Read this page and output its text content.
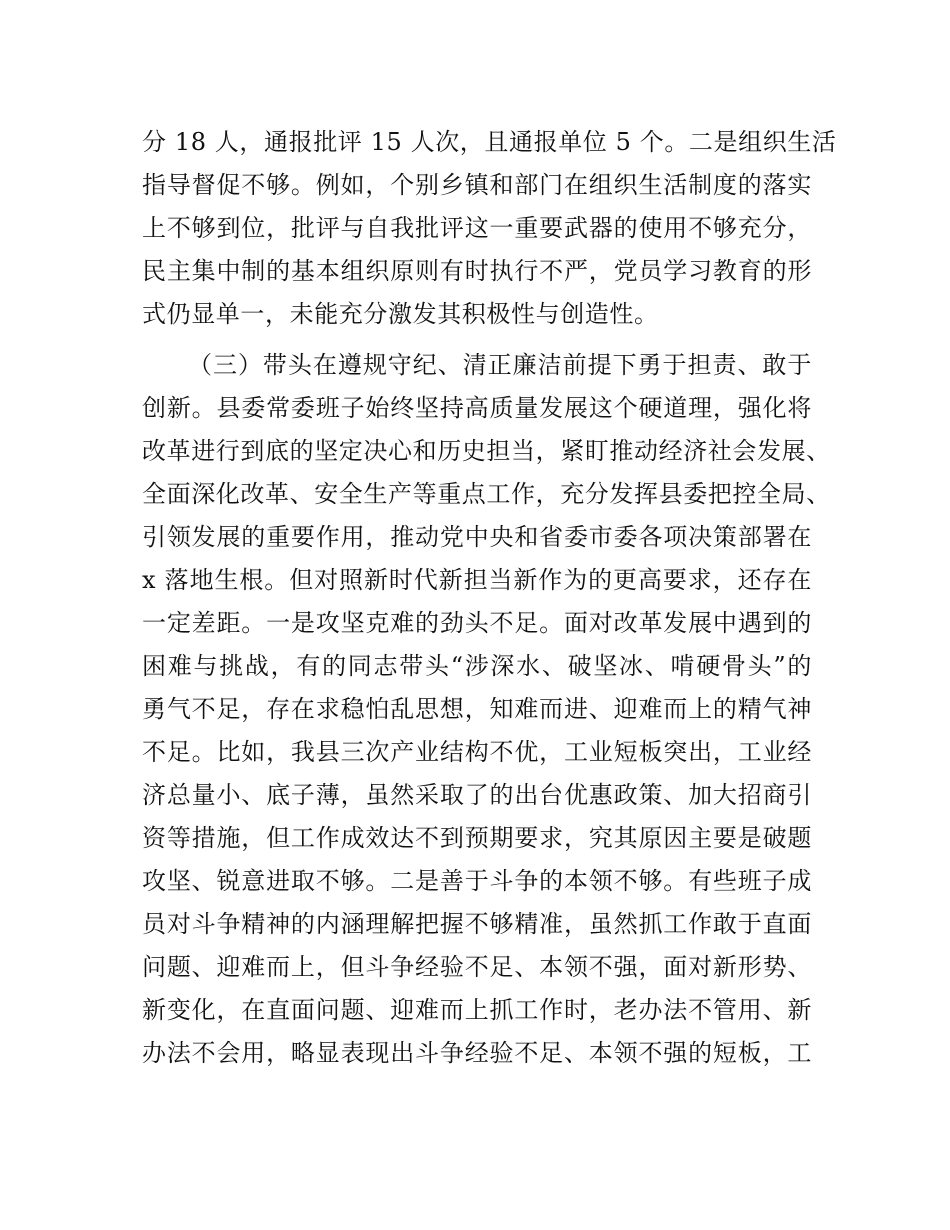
分 18 人，通报批评 15 人次，且通报单位 5 个。二是组织生活
指导督促不够。例如，个别乡镇和部门在组织生活制度的落实
上不够到位，批评与自我批评这一重要武器的使用不够充分，
民主集中制的基本组织原则有时执行不严，党员学习教育的形
式仍显单一，未能充分激发其积极性与创造性。
（三）带头在遵规守纪、清正廉洁前提下勇于担责、敢于
创新。县委常委班子始终坚持高质量发展这个硬道理，强化将
改革进行到底的坚定决心和历史担当，紧盯推动经济社会发展、
全面深化改革、安全生产等重点工作，充分发挥县委把控全局、
引领发展的重要作用，推动党中央和省委市委各项决策部署在
x 落地生根。但对照新时代新担当新作为的更高要求，还存在
一定差距。一是攻坚克难的劲头不足。面对改革发展中遇到的
困难与挑战，有的同志带头“涉深水、破坚冰、啃硬骨头”的
勇气不足，存在求稳怕乱思想，知难而进、迎难而上的精气神
不足。比如，我县三次产业结构不优，工业短板突出，工业经
济总量小、底子薄，虽然采取了的出台优惠政策、加大招商引
资等措施，但工作成效达不到预期要求，究其原因主要是破题
攻坚、锐意进取不够。二是善于斗争的本领不够。有些班子成
员对斗争精神的内涵理解把握不够精准，虽然抓工作敢于直面
问题、迎难而上，但斗争经验不足、本领不强，面对新形势、
新变化，在直面问题、迎难而上抓工作时，老办法不管用、新
办法不会用，略显表现出斗争经验不足、本领不强的短板，工
